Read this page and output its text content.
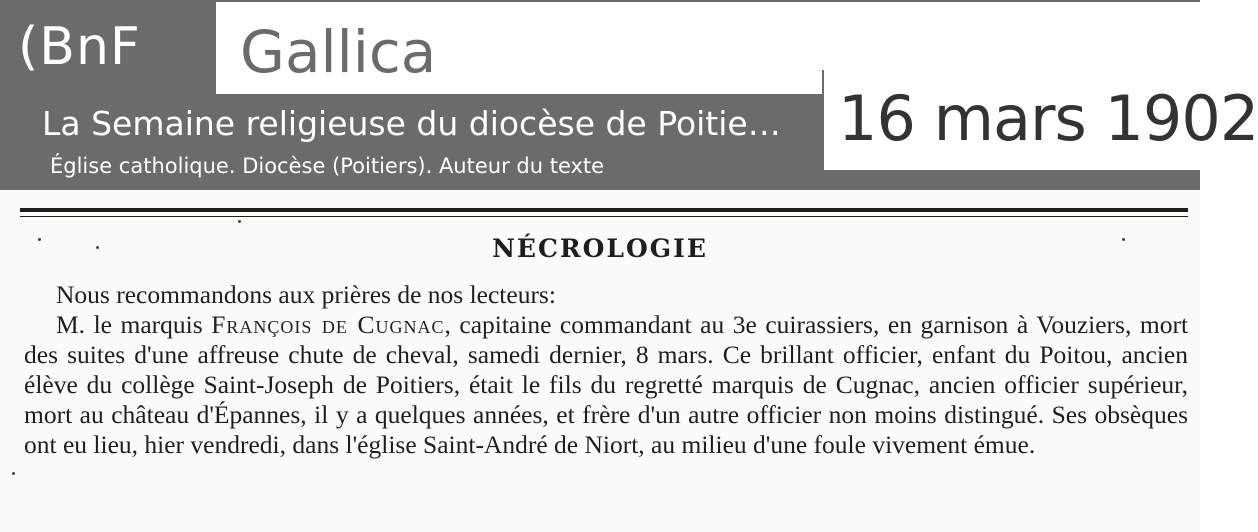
(BnF	Gallica
La Semaine religieuse du diocèse de Poitie…
Église catholique. Diocèse (Poitiers). Auteur du texte
16 mars 1902
NÉCROLOGIE

Nous recommandons aux prières de nos lecteurs:

M. le marquis François de Cugnac, capitaine commandant au 3e cuirassiers, en garnison à Vouziers, mort des suites d'une affreuse chute de cheval, samedi dernier, 8 mars. Ce brillant officier, enfant du Poitou, ancien élève du collège Saint-Joseph de Poitiers, était le fils du regretté marquis de Cugnac, ancien officier supérieur, mort au château d'Épannes, il y a quelques années, et frère d'un autre officier non moins distingué. Ses obsèques ont eu lieu, hier vendredi, dans l'église Saint-André de Niort, au milieu d'une foule vivement émue.
